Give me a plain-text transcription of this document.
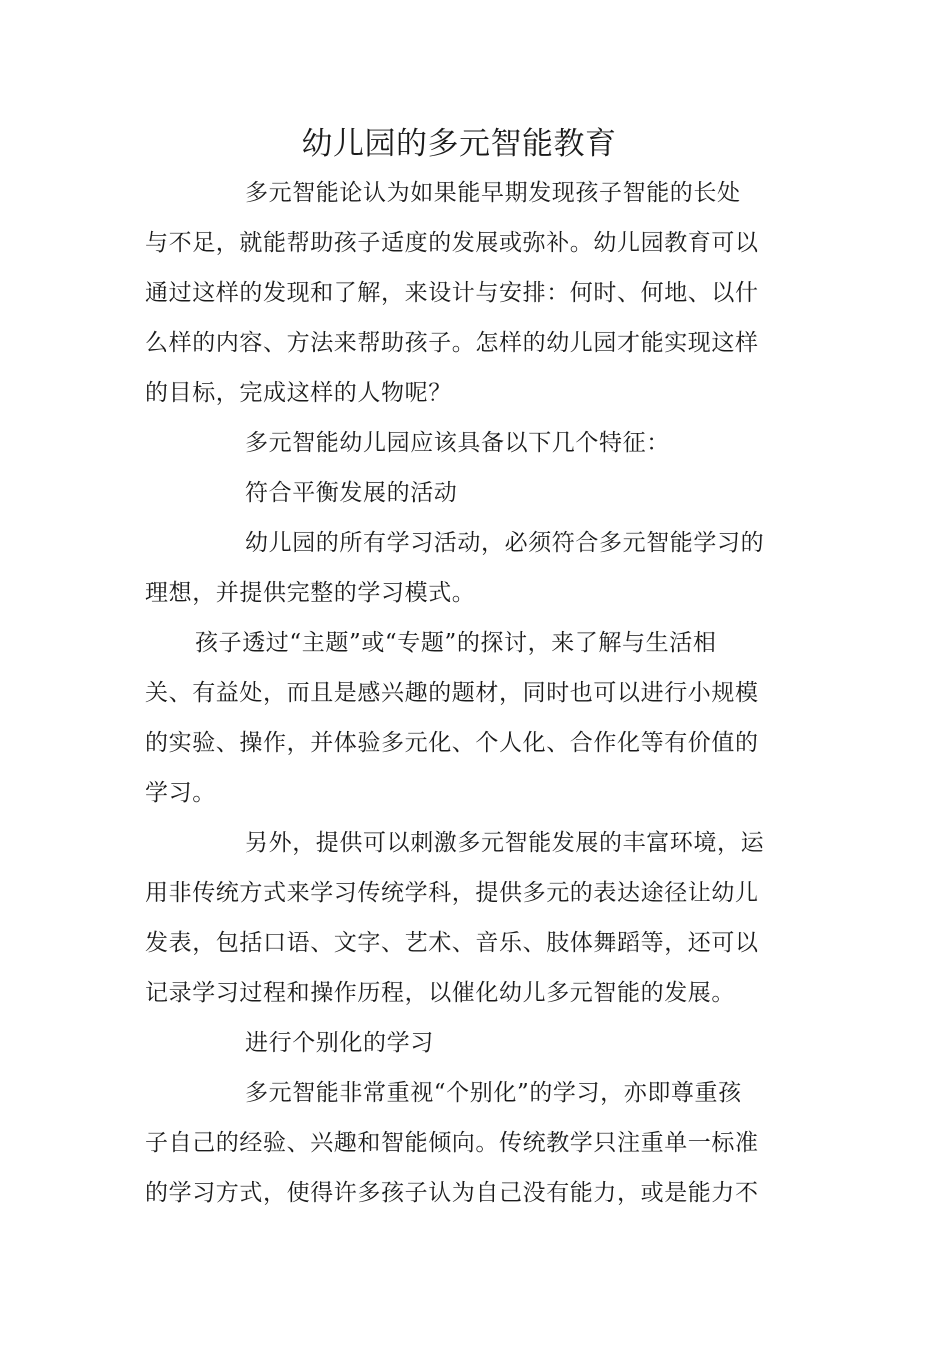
幼儿园的多元智能教育
多元智能论认为如果能早期发现孩子智能的长处
与不足，就能帮助孩子适度的发展或弥补。幼儿园教育可以
通过这样的发现和了解，来设计与安排：何时、何地、以什
么样的内容、方法来帮助孩子。怎样的幼儿园才能实现这样
的目标，完成这样的人物呢？
多元智能幼儿园应该具备以下几个特征：
符合平衡发展的活动
幼儿园的所有学习活动，必须符合多元智能学习的
理想，并提供完整的学习模式。
孩子透过“主题”或“专题”的探讨，来了解与生活相
关、有益处，而且是感兴趣的题材，同时也可以进行小规模
的实验、操作，并体验多元化、个人化、合作化等有价值的
学习。
另外，提供可以刺激多元智能发展的丰富环境，运
用非传统方式来学习传统学科，提供多元的表达途径让幼儿
发表，包括口语、文字、艺术、音乐、肢体舞蹈等，还可以
记录学习过程和操作历程，以催化幼儿多元智能的发展。
进行个别化的学习
多元智能非常重视“个别化”的学习，亦即尊重孩
子自己的经验、兴趣和智能倾向。传统教学只注重单一标准
的学习方式，使得许多孩子认为自己没有能力，或是能力不
